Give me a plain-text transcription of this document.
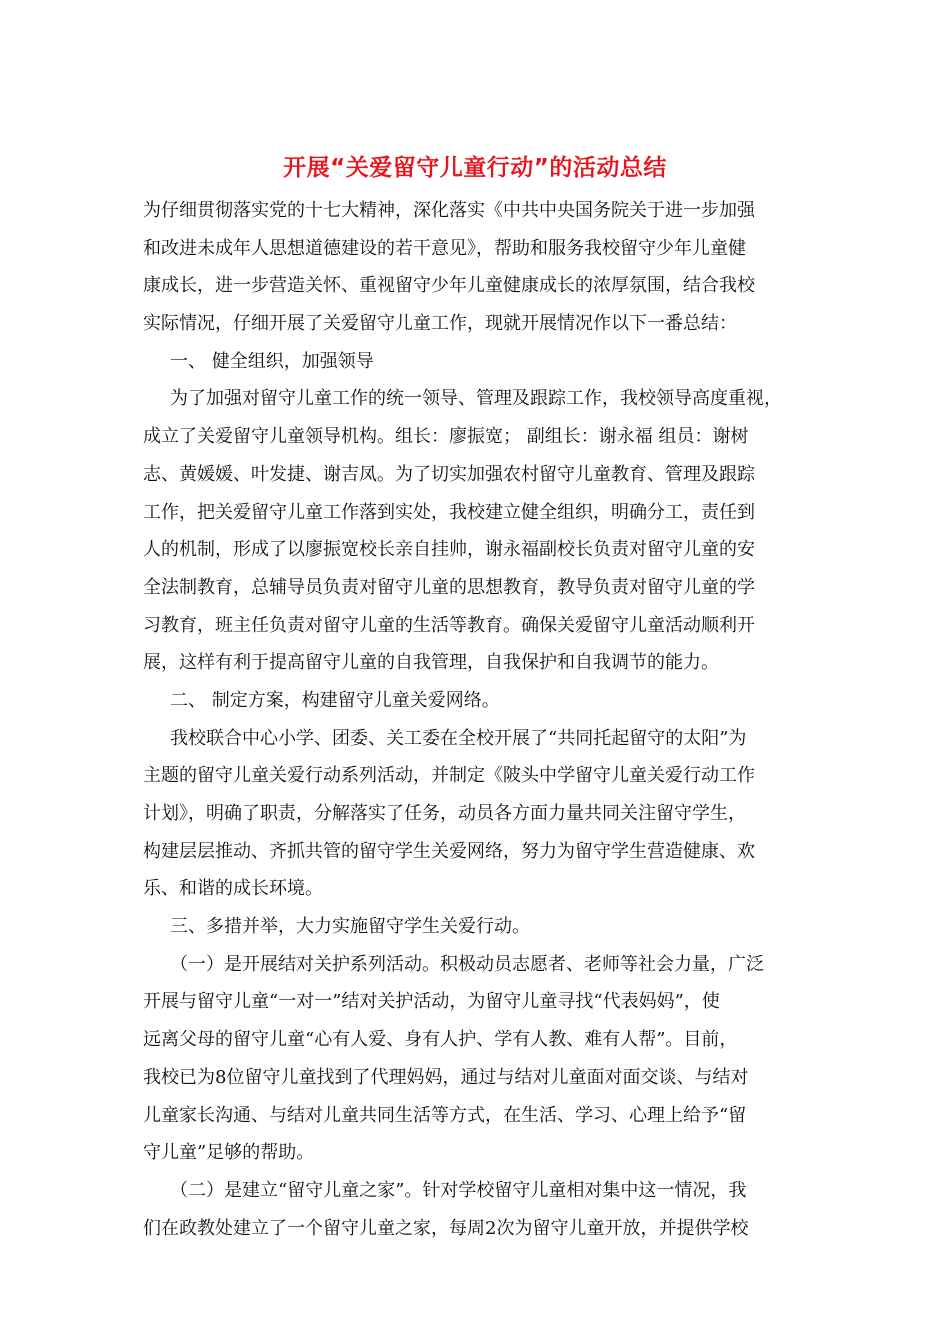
开展“关爱留守儿童行动”的活动总结
为仔细贯彻落实党的十七大精神，深化落实《中共中央国务院关于进一步加强
和改进未成年人思想道德建设的若干意见》，帮助和服务我校留守少年儿童健
康成长，进一步营造关怀、重视留守少年儿童健康成长的浓厚氛围，结合我校
实际情况，仔细开展了关爱留守儿童工作，现就开展情况作以下一番总结：
一、 健全组织，加强领导
为了加强对留守儿童工作的统一领导、管理及跟踪工作，我校领导高度重视，
成立了关爱留守儿童领导机构。组长：廖振宽； 副组长：谢永福 组员：谢树
志、黄媛媛、叶发捷、谢吉凤。为了切实加强农村留守儿童教育、管理及跟踪
工作，把关爱留守儿童工作落到实处，我校建立健全组织，明确分工，责任到
人的机制，形成了以廖振宽校长亲自挂帅，谢永福副校长负责对留守儿童的安
全法制教育，总辅导员负责对留守儿童的思想教育，教导负责对留守儿童的学
习教育，班主任负责对留守儿童的生活等教育。确保关爱留守儿童活动顺利开
展，这样有利于提高留守儿童的自我管理，自我保护和自我调节的能力。
二、 制定方案，构建留守儿童关爱网络。
我校联合中心小学、团委、关工委在全校开展了“共同托起留守的太阳”为
主题的留守儿童关爱行动系列活动，并制定《陂头中学留守儿童关爱行动工作
计划》，明确了职责，分解落实了任务，动员各方面力量共同关注留守学生，
构建层层推动、齐抓共管的留守学生关爱网络，努力为留守学生营造健康、欢
乐、和谐的成长环境。
三、多措并举，大力实施留守学生关爱行动。
（一）是开展结对关护系列活动。积极动员志愿者、老师等社会力量，广泛
开展与留守儿童“一对一”结对关护活动，为留守儿童寻找“代表妈妈”，使
远离父母的留守儿童“心有人爱、身有人护、学有人教、难有人帮”。目前，
我校已为8位留守儿童找到了代理妈妈，通过与结对儿童面对面交谈、与结对
儿童家长沟通、与结对儿童共同生活等方式，在生活、学习、心理上给予“留
守儿童”足够的帮助。
（二）是建立“留守儿童之家”。针对学校留守儿童相对集中这一情况，我
们在政教处建立了一个留守儿童之家，每周2次为留守儿童开放，并提供学校
